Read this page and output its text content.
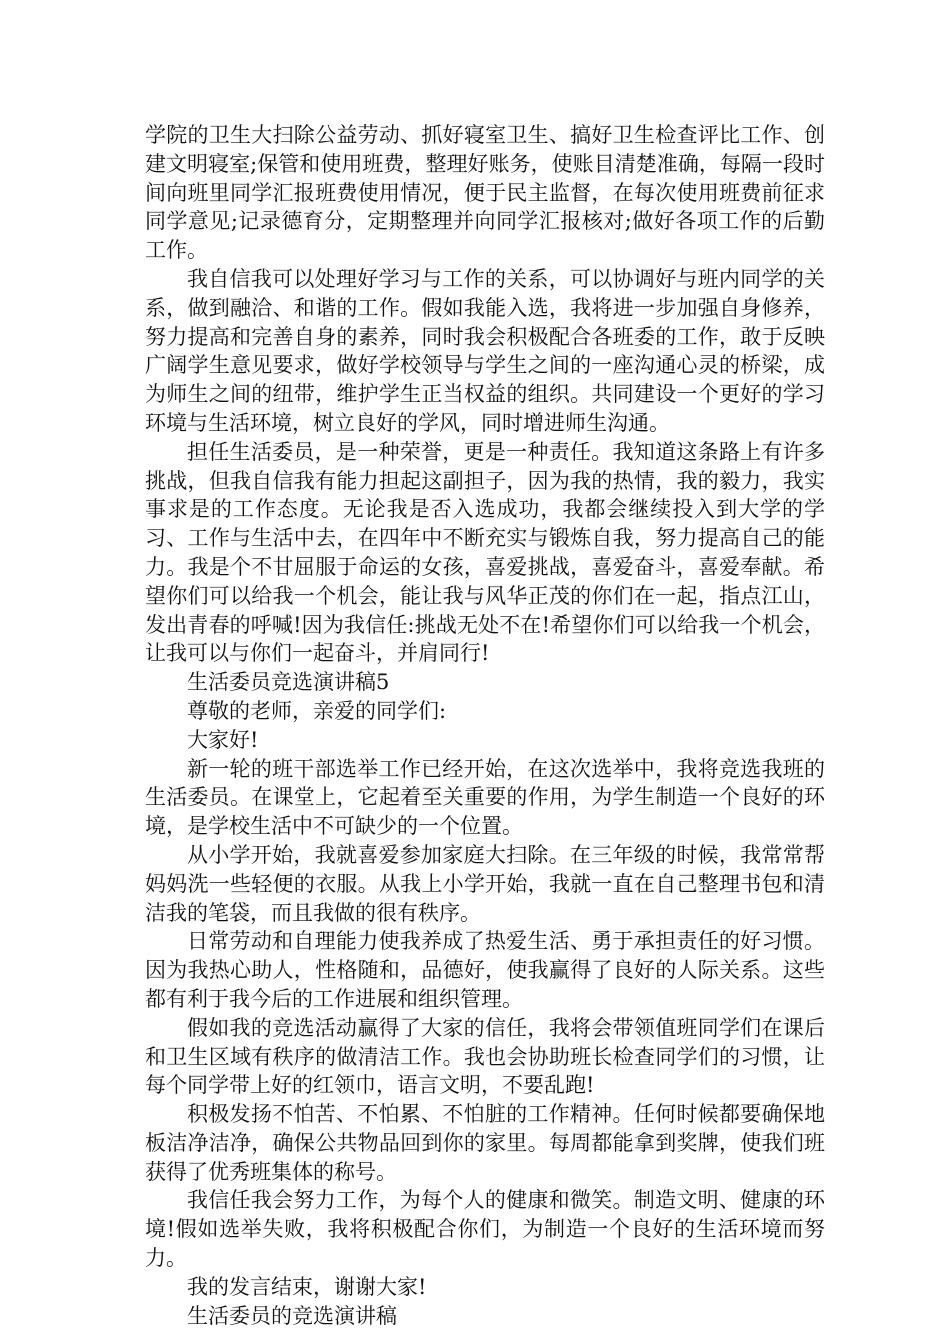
学院的卫生大扫除公益劳动、抓好寝室卫生、搞好卫生检查评比工作、创建文明寝室;保管和使用班费，整理好账务，使账目清楚准确，每隔一段时间向班里同学汇报班费使用情况，便于民主监督，在每次使用班费前征求同学意见;记录德育分，定期整理并向同学汇报核对;做好各项工作的后勤工作。

我自信我可以处理好学习与工作的关系，可以协调好与班内同学的关系，做到融洽、和谐的工作。假如我能入选，我将进一步加强自身修养，努力提高和完善自身的素养，同时我会积极配合各班委的工作，敢于反映广阔学生意见要求，做好学校领导与学生之间的一座沟通心灵的桥梁，成为师生之间的纽带，维护学生正当权益的组织。共同建设一个更好的学习环境与生活环境，树立良好的学风，同时增进师生沟通。

担任生活委员，是一种荣誉，更是一种责任。我知道这条路上有许多挑战，但我自信我有能力担起这副担子，因为我的热情，我的毅力，我实事求是的工作态度。无论我是否入选成功，我都会继续投入到大学的学习、工作与生活中去，在四年中不断充实与锻炼自我，努力提高自己的能力。我是个不甘屈服于命运的女孩，喜爱挑战，喜爱奋斗，喜爱奉献。希望你们可以给我一个机会，能让我与风华正茂的你们在一起，指点江山，发出青春的呼喊!因为我信任:挑战无处不在!希望你们可以给我一个机会，让我可以与你们一起奋斗，并肩同行!

生活委员竞选演讲稿5

尊敬的老师，亲爱的同学们:

大家好!

新一轮的班干部选举工作已经开始，在这次选举中，我将竞选我班的生活委员。在课堂上，它起着至关重要的作用，为学生制造一个良好的环境，是学校生活中不可缺少的一个位置。

从小学开始，我就喜爱参加家庭大扫除。在三年级的时候，我常常帮妈妈洗一些轻便的衣服。从我上小学开始，我就一直在自己整理书包和清洁我的笔袋，而且我做的很有秩序。

日常劳动和自理能力使我养成了热爱生活、勇于承担责任的好习惯。因为我热心助人，性格随和，品德好，使我赢得了良好的人际关系。这些都有利于我今后的工作进展和组织管理。

假如我的竞选活动赢得了大家的信任，我将会带领值班同学们在课后和卫生区域有秩序的做清洁工作。我也会协助班长检查同学们的习惯，让每个同学带上好的红领巾，语言文明，不要乱跑!

积极发扬不怕苦、不怕累、不怕脏的工作精神。任何时候都要确保地板洁净洁净，确保公共物品回到你的家里。每周都能拿到奖牌，使我们班获得了优秀班集体的称号。

我信任我会努力工作，为每个人的健康和微笑。制造文明、健康的环境!假如选举失败，我将积极配合你们，为制造一个良好的生活环境而努力。

我的发言结束，谢谢大家!

生活委员的竞选演讲稿
